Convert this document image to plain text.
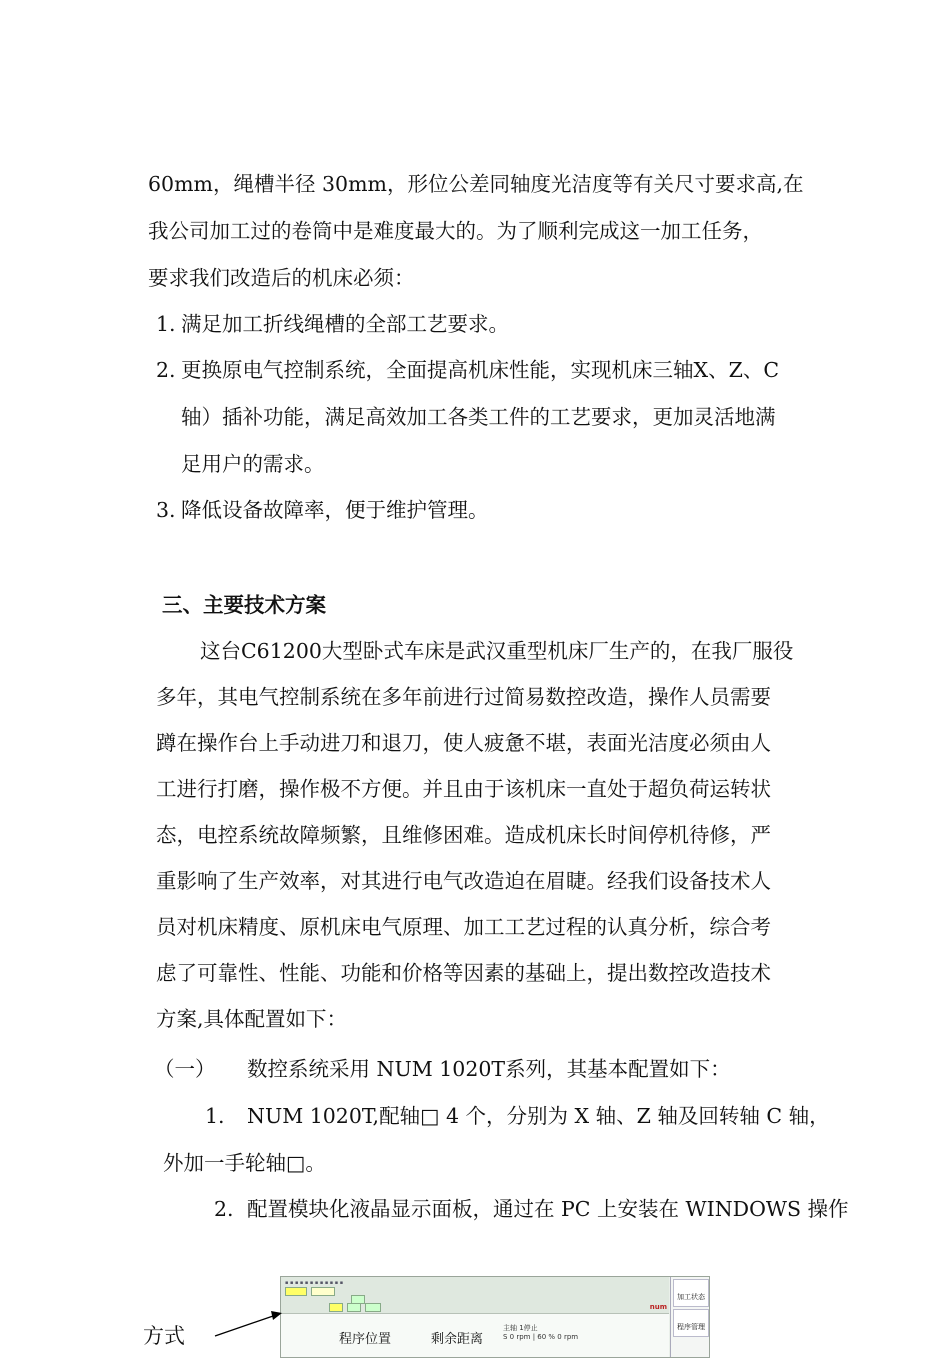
60mm，绳槽半径 30mm，形位公差同轴度光洁度等有关尺寸要求高,在
我公司加工过的卷筒中是难度最大的。为了顺利完成这一加工任务，
要求我们改造后的机床必须：
1. 满足加工折线绳槽的全部工艺要求。
2. 更换原电气控制系统，全面提高机床性能，实现机床三轴X、Z、C
轴）插补功能，满足高效加工各类工件的工艺要求，更加灵活地满
足用户的需求。
3. 降低设备故障率，便于维护管理。
三、主要技术方案
这台C61200大型卧式车床是武汉重型机床厂生产的，在我厂服役
多年，其电气控制系统在多年前进行过简易数控改造，操作人员需要
蹲在操作台上手动进刀和退刀，使人疲惫不堪，表面光洁度必须由人
工进行打磨，操作极不方便。并且由于该机床一直处于超负荷运转状
态，电控系统故障频繁，且维修困难。造成机床长时间停机待修，严
重影响了生产效率，对其进行电气改造迫在眉睫。经我们设备技术人
员对机床精度、原机床电气原理、加工工艺过程的认真分析，综合考
虑了可靠性、性能、功能和价格等因素的基础上，提出数控改造技术
方案,具体配置如下：
（一） 数控系统采用 NUM 1020T系列，其基本配置如下：
1. NUM 1020T,配轴□ 4 个，分别为 X 轴、Z 轴及回转轴 C 轴，
外加一手轮轴□。
2. 配置模块化液晶显示面板，通过在 PC 上安装在 WINDOWS 操作
▪ ▪ ▪ ▪ ▪ ▪ ▪ ▪ ▪ ▪ ▪ ▪
num
程序位置	剩余距离
主轴 1停止
S 0 rpm | 60 % 0 rpm
加工状态
程序管理
方式
